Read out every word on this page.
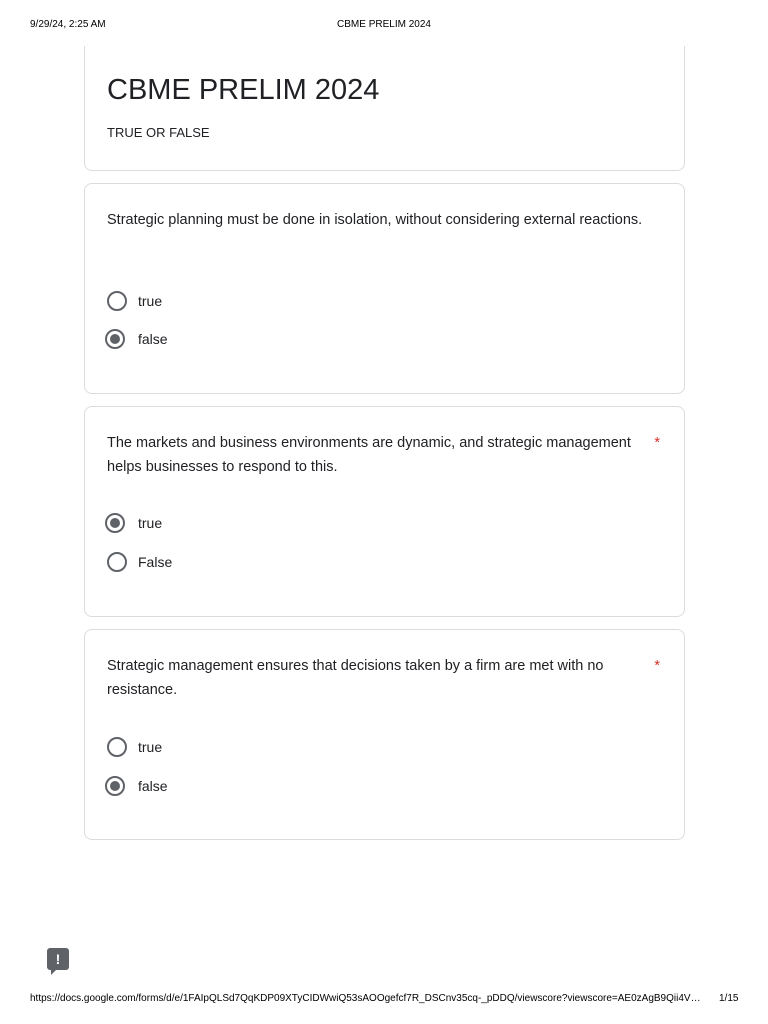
9/29/24, 2:25 AM	CBME PRELIM 2024
CBME PRELIM 2024
TRUE OR FALSE
Strategic planning must be done in isolation, without considering external reactions.
true
false
The markets and business environments are dynamic, and strategic management helps businesses to respond to this.
*
true
False
Strategic management ensures that decisions taken by a firm are met with no resistance.
*
true
false
!
https://docs.google.com/forms/d/e/1FAIpQLSd7QqKDP09XTyCIDWwiQ53sAOOgefcf7R_DSCnv35cq-_pDDQ/viewscore?viewscore=AE0zAgB9Qii4V… 1/15
